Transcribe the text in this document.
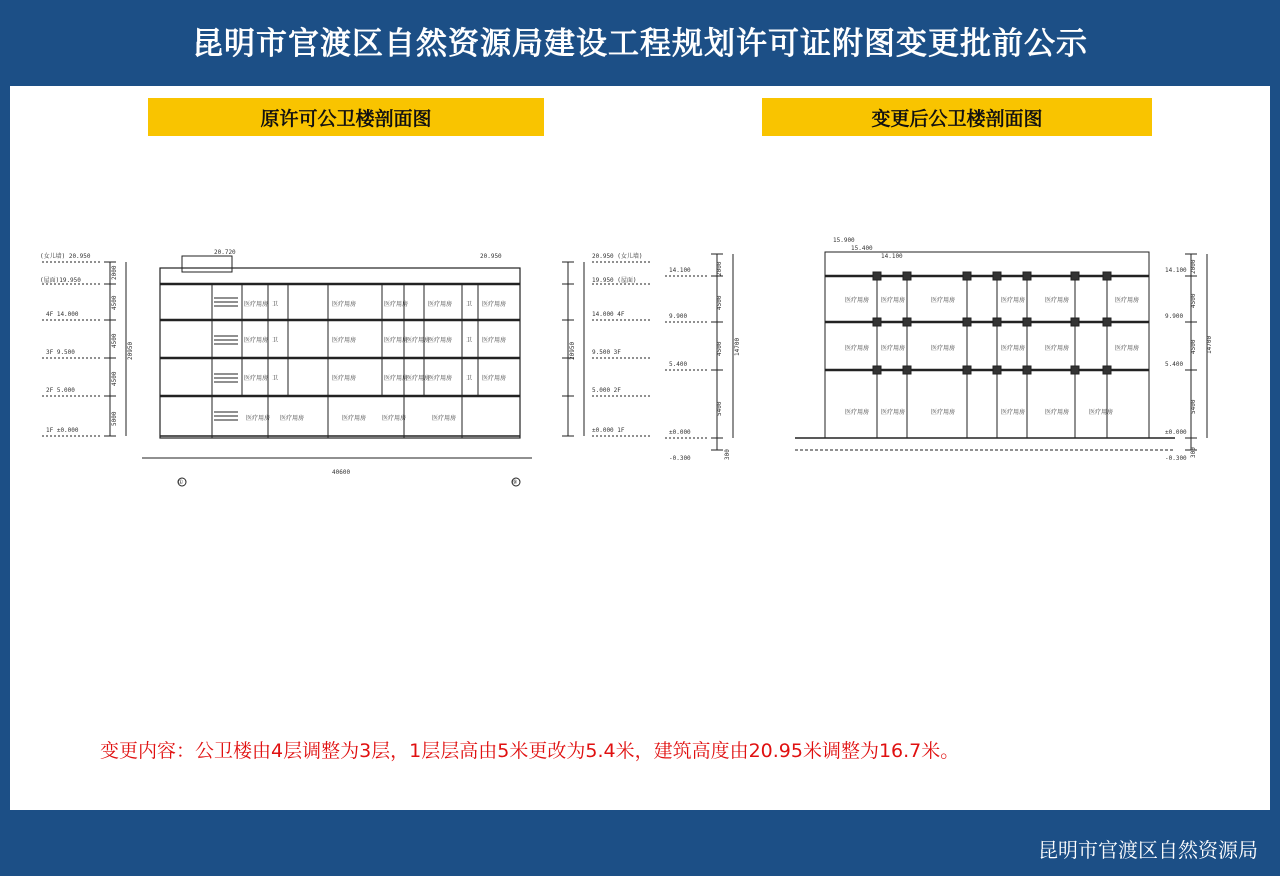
昆明市官渡区自然资源局建设工程规划许可证附图变更批前公示
原许可公卫楼剖面图	变更后公卫楼剖面图
20.720
20.950
40600
①	⑨
(女儿墙) 20.950
(屋面)19.950
4F 14.000
3F 9.500
2F 5.000
1F ±0.000
20.950 (女儿墙)
19.950 (屋面)
14.000 4F
9.500 3F
5.000 2F
±0.000 1F
2000
4500
4500
4500
5000
20950	20950
医疗用房 卫	医疗用房	医疗用房	医疗用房 卫 医疗用房
医疗用房 卫	医疗用房	医疗用房
医疗用房
医疗用房 卫 医疗用房
医疗用房 卫	医疗用房	医疗用房
医疗用房
医疗用房 卫 医疗用房
医疗用房 医疗用房	医疗用房	医疗用房	医疗用房
15.900
15.400
14.100
14.100
9.900
5.400
±0.000
-0.300
14.100
9.900
5.400
±0.000
-0.300
2000
4500
4500
5400
300
14700
2000
4500
4500
5400
300
14700
医疗用房 医疗用房	医疗用房	医疗用房	医疗用房	医疗用房
医疗用房 医疗用房	医疗用房	医疗用房	医疗用房	医疗用房
医疗用房 医疗用房	医疗用房	医疗用房	医疗用房	医疗用房
变更内容：公卫楼由4层调整为3层，1层层高由5米更改为5.4米，建筑高度由20.95米调整为16.7米。
昆明市官渡区自然资源局
